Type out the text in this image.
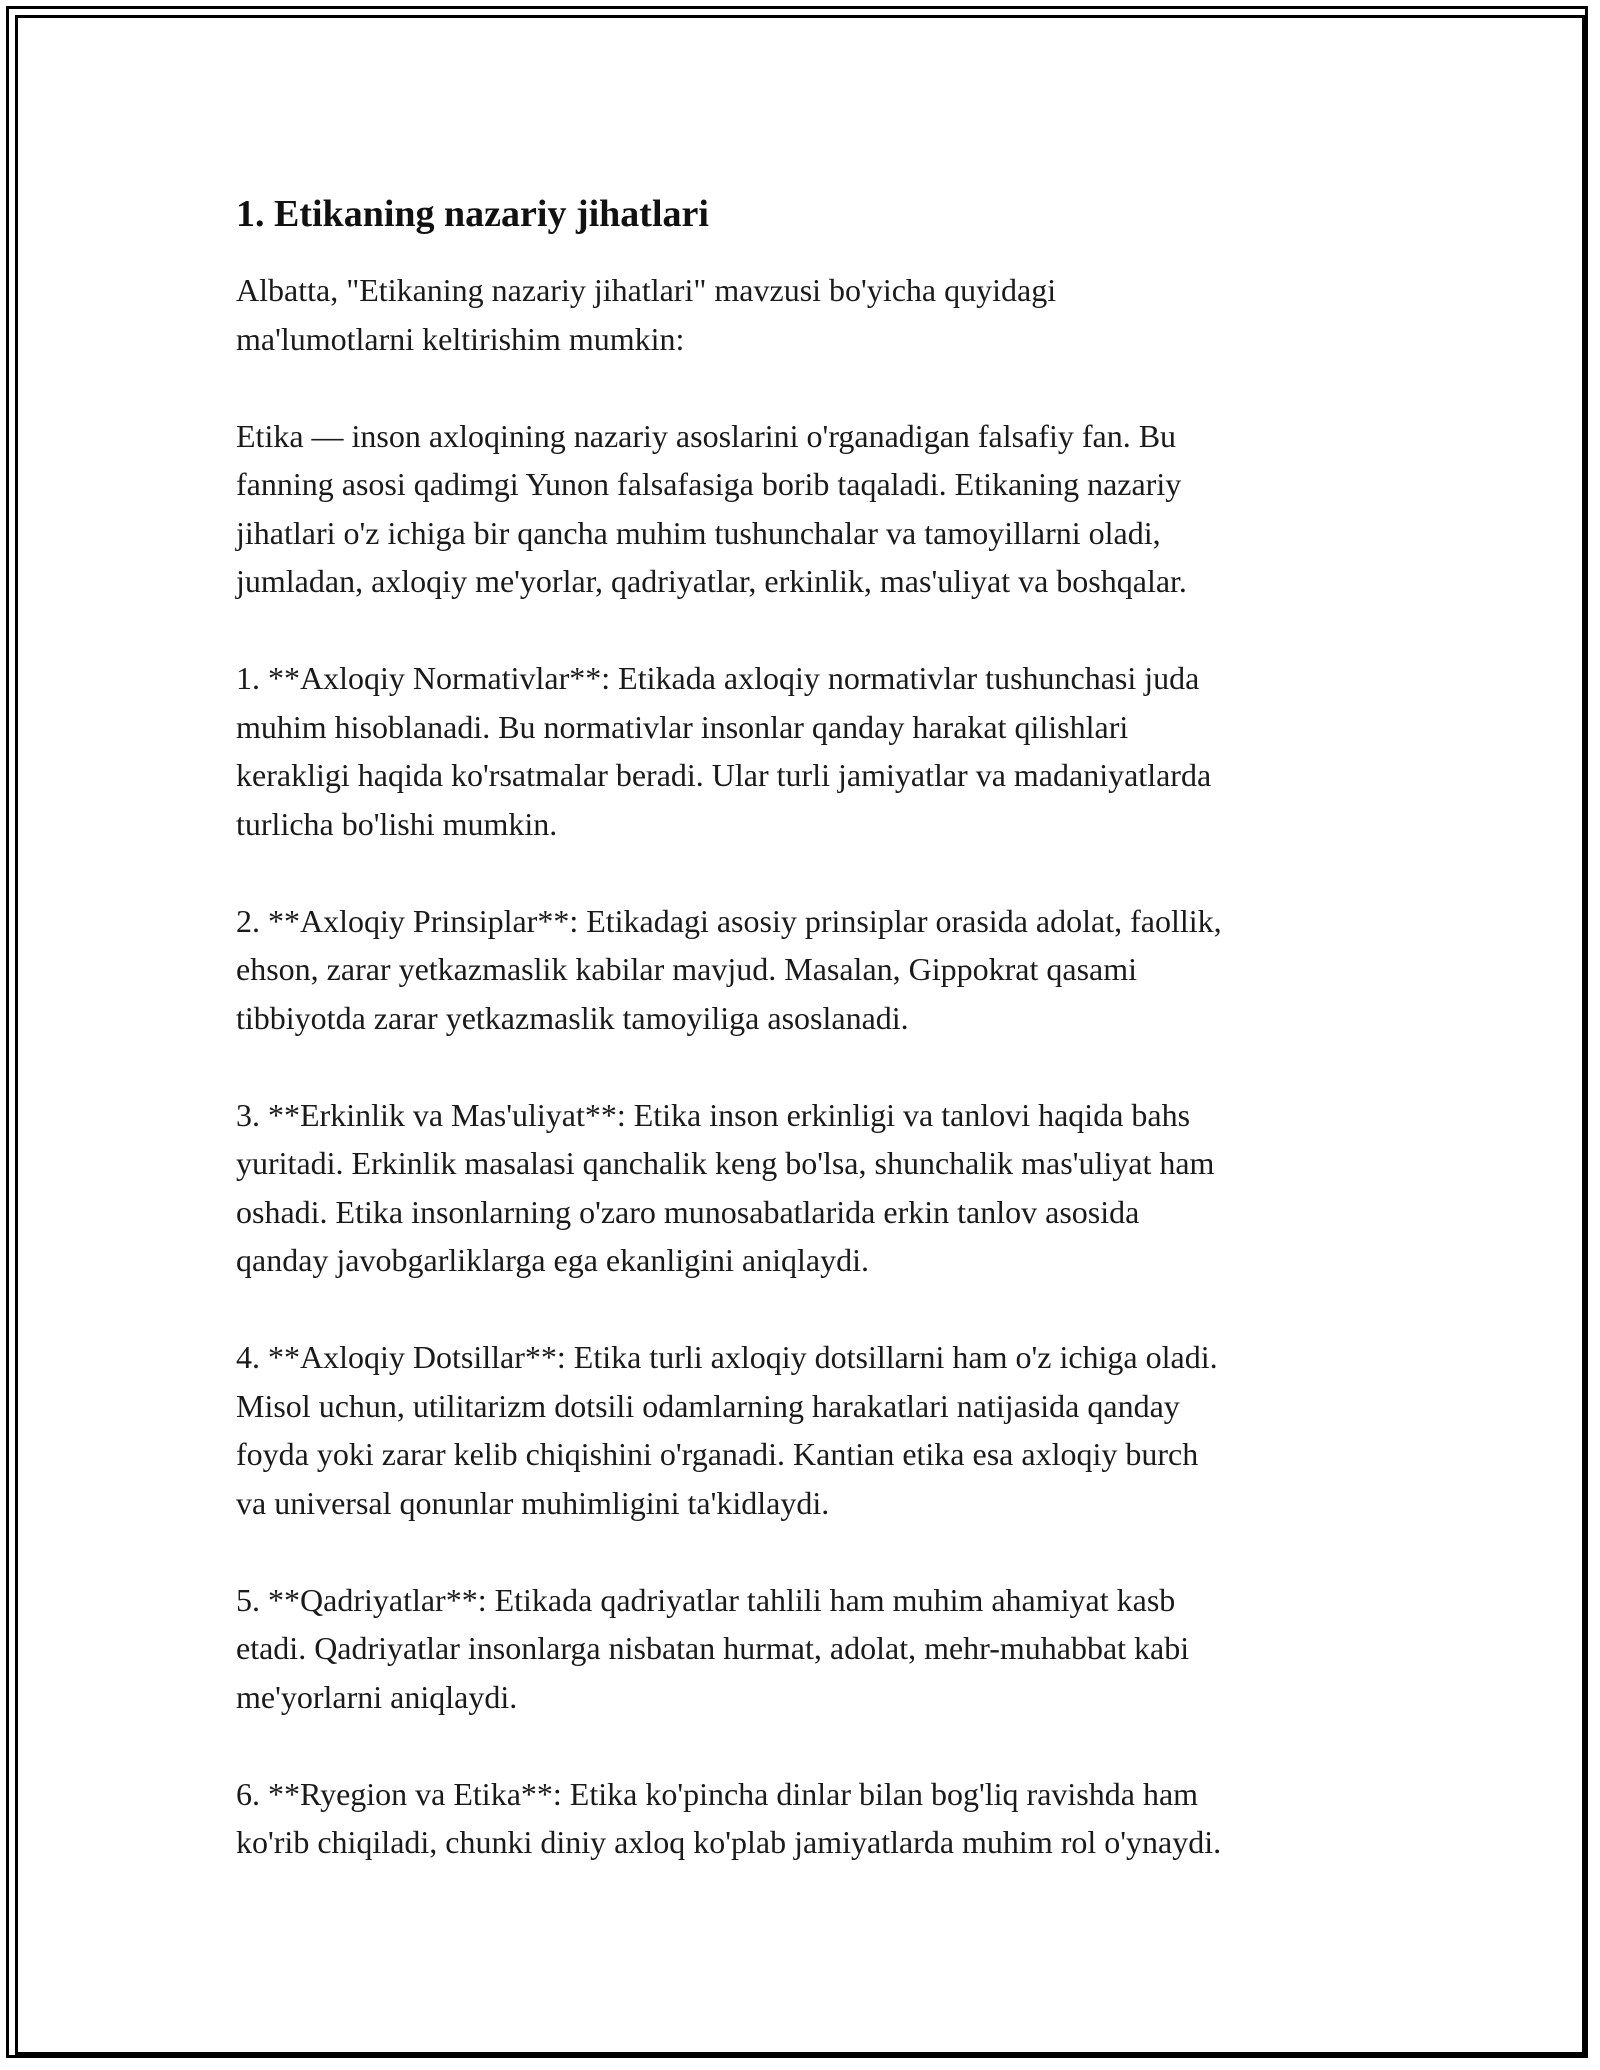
1. Etikaning nazariy jihatlari

Albatta, "Etikaning nazariy jihatlari" mavzusi bo'yicha quyidagi
ma'lumotlarni keltirishim mumkin:

Etika — inson axloqining nazariy asoslarini o'rganadigan falsafiy fan. Bu
fanning asosi qadimgi Yunon falsafasiga borib taqaladi. Etikaning nazariy
jihatlari o'z ichiga bir qancha muhim tushunchalar va tamoyillarni oladi,
jumladan, axloqiy me'yorlar, qadriyatlar, erkinlik, mas'uliyat va boshqalar.

1. **Axloqiy Normativlar**: Etikada axloqiy normativlar tushunchasi juda
muhim hisoblanadi. Bu normativlar insonlar qanday harakat qilishlari
kerakligi haqida ko'rsatmalar beradi. Ular turli jamiyatlar va madaniyatlarda
turlicha bo'lishi mumkin.

2. **Axloqiy Prinsiplar**: Etikadagi asosiy prinsiplar orasida adolat, faollik,
ehson, zarar yetkazmaslik kabilar mavjud. Masalan, Gippokrat qasami
tibbiyotda zarar yetkazmaslik tamoyiliga asoslanadi.

3. **Erkinlik va Mas'uliyat**: Etika inson erkinligi va tanlovi haqida bahs
yuritadi. Erkinlik masalasi qanchalik keng bo'lsa, shunchalik mas'uliyat ham
oshadi. Etika insonlarning o'zaro munosabatlarida erkin tanlov asosida
qanday javobgarliklarga ega ekanligini aniqlaydi.

4. **Axloqiy Dotsillar**: Etika turli axloqiy dotsillarni ham o'z ichiga oladi.
Misol uchun, utilitarizm dotsili odamlarning harakatlari natijasida qanday
foyda yoki zarar kelib chiqishini o'rganadi. Kantian etika esa axloqiy burch
va universal qonunlar muhimligini ta'kidlaydi.

5. **Qadriyatlar**: Etikada qadriyatlar tahlili ham muhim ahamiyat kasb
etadi. Qadriyatlar insonlarga nisbatan hurmat, adolat, mehr-muhabbat kabi
me'yorlarni aniqlaydi.

6. **Ryegion va Etika**: Etika ko'pincha dinlar bilan bog'liq ravishda ham
ko'rib chiqiladi, chunki diniy axloq ko'plab jamiyatlarda muhim rol o'ynaydi.
